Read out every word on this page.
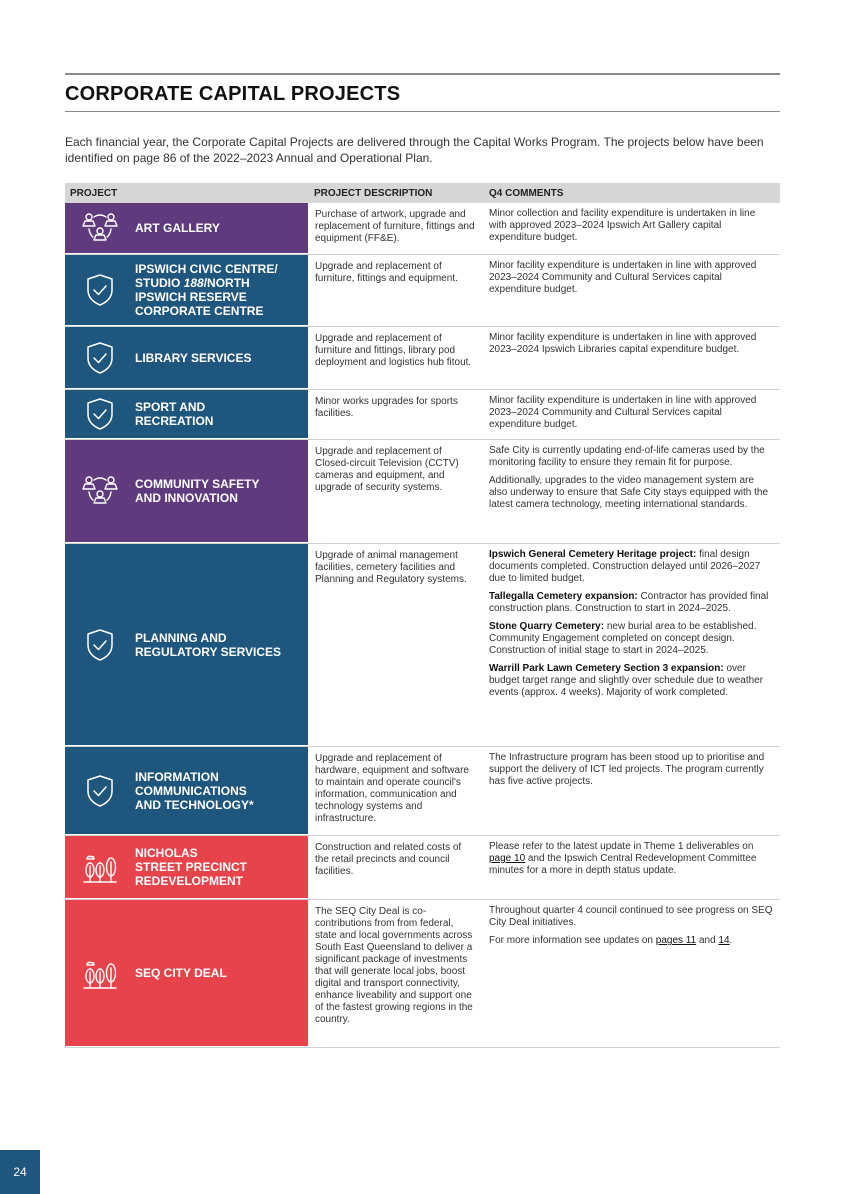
CORPORATE CAPITAL PROJECTS

Each financial year, the Corporate Capital Projects are delivered through the Capital Works Program. The projects below have been identified on page 86 of the 2022–2023 Annual and Operational Plan.

PROJECT	PROJECT DESCRIPTION	Q4 COMMENTS
ART GALLERY
Purchase of artwork, upgrade and replacement of furniture, fittings and equipment (FF&E).

Minor collection and facility expenditure is undertaken in line with approved 2023–2024 Ipswich Art Gallery capital expenditure budget.

IPSWICH CIVIC CENTRE/
STUDIO 188/NORTH
IPSWICH RESERVE
CORPORATE CENTRE
Upgrade and replacement of furniture, fittings and equipment.

Minor facility expenditure is undertaken in line with approved 2023–2024 Community and Cultural Services capital expenditure budget.

LIBRARY SERVICES
Upgrade and replacement of furniture and fittings, library pod deployment and logistics hub fitout.

Minor facility expenditure is undertaken in line with approved 2023–2024 Ipswich Libraries capital expenditure budget.

SPORT AND
RECREATION
Minor works upgrades for sports facilities.

Minor facility expenditure is undertaken in line with approved 2023–2024 Community and Cultural Services capital expenditure budget.

COMMUNITY SAFETY
AND INNOVATION
Upgrade and replacement of Closed-circuit Television (CCTV) cameras and equipment, and upgrade of security systems.

Safe City is currently updating end-of-life cameras used by the monitoring facility to ensure they remain fit for purpose.

Additionally, upgrades to the video management system are also underway to ensure that Safe City stays equipped with the latest camera technology, meeting international standards.

PLANNING AND
REGULATORY SERVICES
Upgrade of animal management facilities, cemetery facilities and Planning and Regulatory systems.

Ipswich General Cemetery Heritage project: final design documents completed. Construction delayed until 2026–2027 due to limited budget.

Tallegalla Cemetery expansion: Contractor has provided final construction plans. Construction to start in 2024–2025.

Stone Quarry Cemetery: new burial area to be established. Community Engagement completed on concept design. Construction of initial stage to start in 2024–2025.

Warrill Park Lawn Cemetery Section 3 expansion: over budget target range and slightly over schedule due to weather events (approx. 4 weeks). Majority of work completed.

INFORMATION
COMMUNICATIONS
AND TECHNOLOGY*
Upgrade and replacement of hardware, equipment and software to maintain and operate council's information, communication and technology systems and infrastructure.

The Infrastructure program has been stood up to prioritise and support the delivery of ICT led projects. The program currently has five active projects.

NICHOLAS
STREET PRECINCT
REDEVELOPMENT
Construction and related costs of the retail precincts and council facilities.

Please refer to the latest update in Theme 1 deliverables on page 10 and the Ipswich Central Redevelopment Committee minutes for a more in depth status update.

SEQ CITY DEAL
The SEQ City Deal is co-contributions from from federal, state and local governments across South East Queensland to deliver a significant package of investments that will generate local jobs, boost digital and transport connectivity, enhance liveability and support one of the fastest growing regions in the country.

Throughout quarter 4 council continued to see progress on SEQ City Deal initiatives.

For more information see updates on pages 11 and 14.

24
